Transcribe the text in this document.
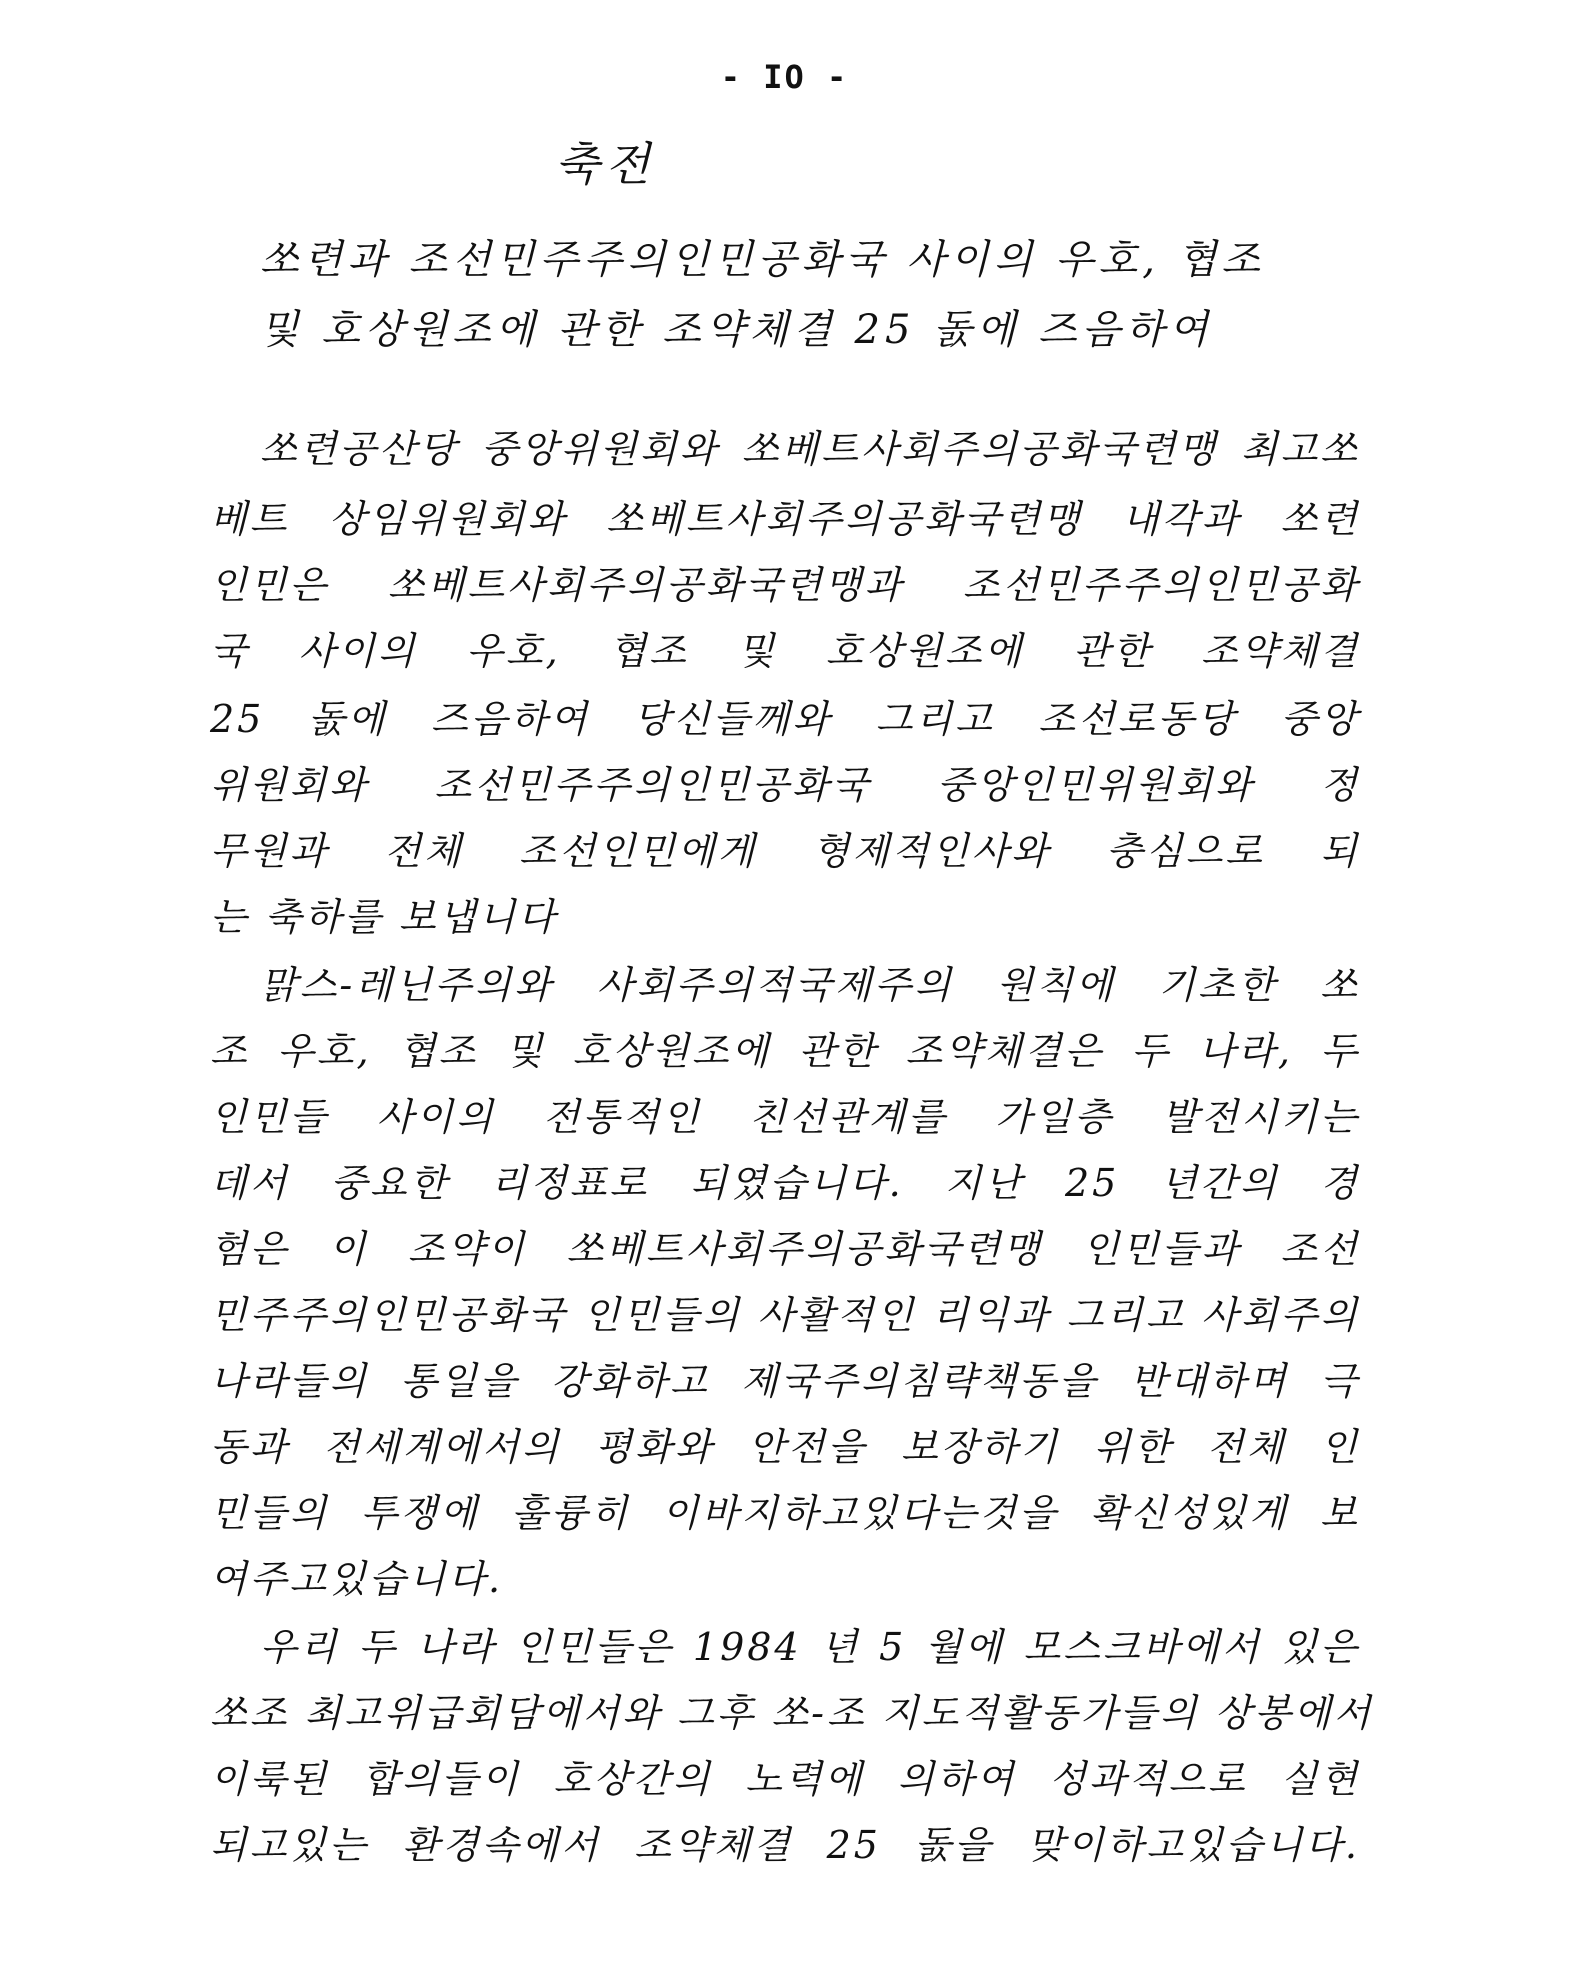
- IO -
축전
쏘련과 조선민주주의인민공화국 사이의 우호, 협조
및 호상원조에 관한 조약체결 25 돐에 즈음하여
쏘련공산당 중앙위원회와 쏘베트사회주의공화국련맹 최고쏘
베트 상임위원회와 쏘베트사회주의공화국련맹 내각과 쏘련
인민은 쏘베트사회주의공화국련맹과 조선민주주의인민공화
국 사이의 우호, 협조 및 호상원조에 관한 조약체결
25 돐에 즈음하여 당신들께와 그리고 조선로동당 중앙
위원회와 조선민주주의인민공화국 중앙인민위원회와 정
무원과 전체 조선인민에게 형제적인사와 충심으로 되
는 축하를 보냅니다
맑스-레닌주의와 사회주의적국제주의 원칙에 기초한 쏘
조 우호, 협조 및 호상원조에 관한 조약체결은 두 나라, 두
인민들 사이의 전통적인 친선관계를 가일층 발전시키는
데서 중요한 리정표로 되였습니다. 지난 25 년간의 경
험은 이 조약이 쏘베트사회주의공화국련맹 인민들과 조선
민주주의인민공화국 인민들의 사활적인 리익과 그리고 사회주의
나라들의 통일을 강화하고 제국주의침략책동을 반대하며 극
동과 전세계에서의 평화와 안전을 보장하기 위한 전체 인
민들의 투쟁에 훌륭히 이바지하고있다는것을 확신성있게 보
여주고있습니다.
우리 두 나라 인민들은 1984 년 5 월에 모스크바에서 있은
쏘조 최고위급회담에서와 그후 쏘-조 지도적활동가들의 상봉에서
이룩된 합의들이 호상간의 노력에 의하여 성과적으로 실현
되고있는 환경속에서 조약체결 25 돐을 맞이하고있습니다.
